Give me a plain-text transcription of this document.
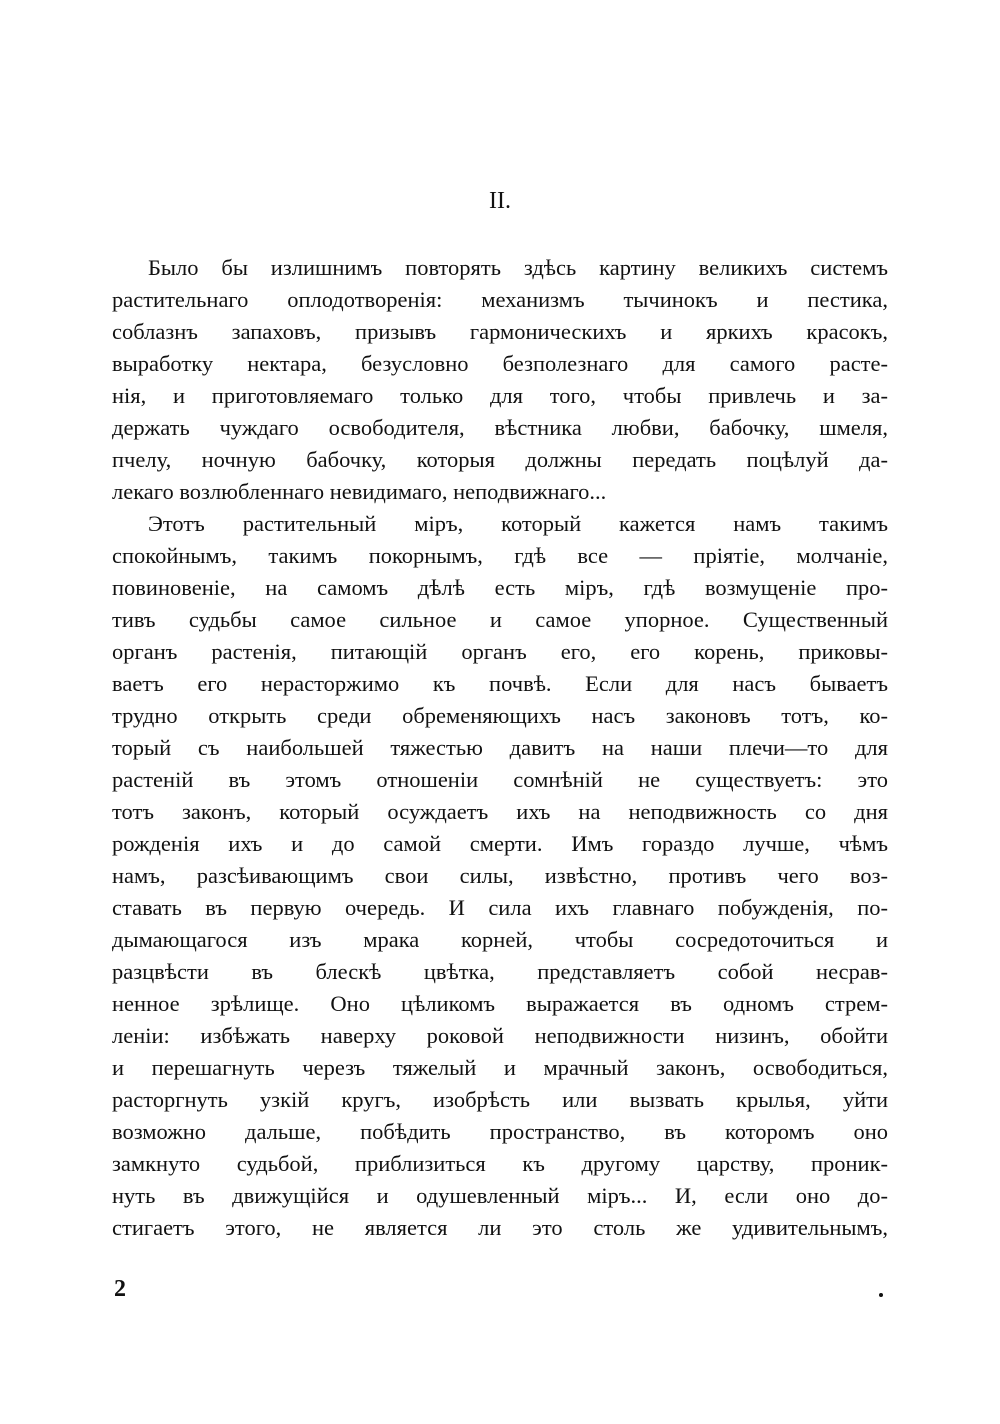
II.
Было бы излишнимъ повторять здѣсь картину великихъ системъ
растительнаго оплодотворенія: механизмъ тычинокъ и пестика,
соблазнъ запаховъ, призывъ гармоническихъ и яркихъ красокъ,
выработку нектара, безусловно безполезнаго для самого расте-
нія, и приготовляемаго только для того, чтобы привлечь и за-
держать чуждаго освободителя, вѣстника любви, бабочку, шмеля,
пчелу, ночную бабочку, которыя должны передать поцѣлуй да-
лекаго возлюбленнаго невидимаго, неподвижнаго...
Этотъ растительный міръ, который кажется намъ такимъ
спокойнымъ, такимъ покорнымъ, гдѣ все — пріятіе, молчаніе,
повиновеніе, на самомъ дѣлѣ есть міръ, гдѣ возмущеніе про-
тивъ судьбы самое сильное и самое упорное. Существенный
органъ растенія, питающій органъ его, его корень, приковы-
ваетъ его нерасторжимо къ почвѣ. Если для насъ бываетъ
трудно открыть среди обременяющихъ насъ законовъ тотъ, ко-
торый съ наибольшей тяжестью давитъ на наши плечи—то для
растеній въ этомъ отношеніи сомнѣній не существуетъ: это
тотъ законъ, который осуждаетъ ихъ на неподвижность со дня
рожденія ихъ и до самой смерти. Имъ гораздо лучше, чѣмъ
намъ, разсѣивающимъ свои силы, извѣстно, противъ чего воз-
ставать въ первую очередь. И сила ихъ главнаго побужденія, по-
дымающагося изъ мрака корней, чтобы сосредоточиться и
разцвѣсти въ блескѣ цвѣтка, представляетъ собой несрав-
ненное зрѣлище. Оно цѣликомъ выражается въ одномъ стрем-
леніи: избѣжать наверху роковой неподвижности низинъ, обойти
и перешагнуть черезъ тяжелый и мрачный законъ, освободиться,
расторгнуть узкій кругъ, изобрѣсть или вызвать крылья, уйти
возможно дальше, побѣдить пространство, въ которомъ оно
замкнуто судьбой, приблизиться къ другому царству, проник-
нуть въ движущійся и одушевленный міръ... И, если оно до-
стигаетъ этого, не является ли это столь же удивительнымъ,
2
